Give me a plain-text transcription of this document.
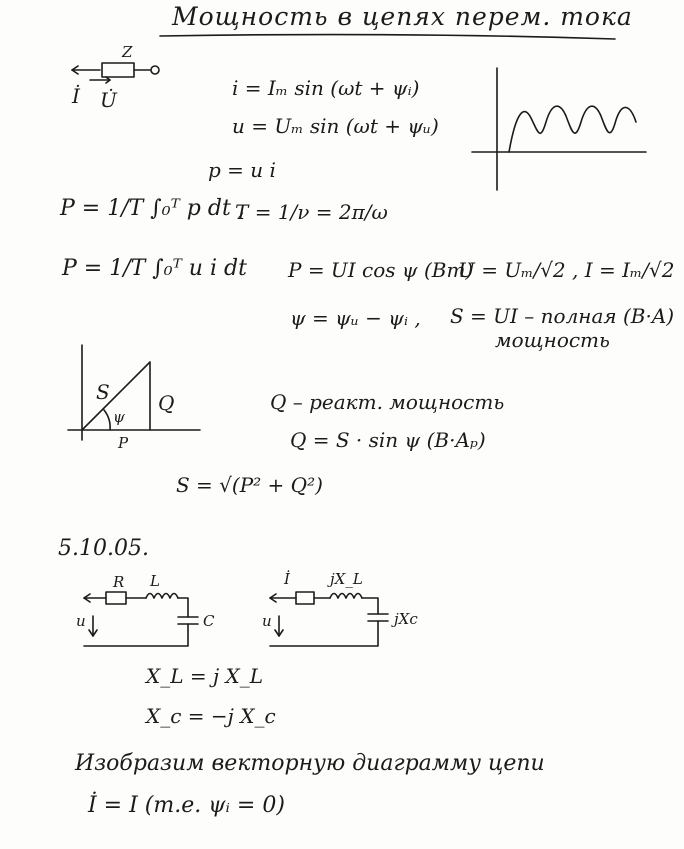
Мощность в цепях перем. тока
Z
İ U̇	i = Iₘ sin (ωt + ψᵢ)
u = Uₘ sin (ωt + ψᵤ)
p = u i
P = 1/T ∫₀ᵀ p dt ,
T = 1/ν = 2π/ω
P = 1/T ∫₀ᵀ u i dt P = UI cos ψ (Вт)
U = Uₘ/√2 , I = Iₘ/√2
ψ = ψᵤ − ψᵢ , S = UI – полная (B·A)
мощность
S
ψ
Q
P
Q – реакт. мощность
Q = S · sin ψ (B·Aₚ)
S = √(P² + Q²)
5.10.05.
R L
C
u
İ	jX_L
jXc
u
X_L = j X_L
X_c = −j X_c
Изобразим векторную диаграмму цепи
İ = I (т.е. ψᵢ = 0)
